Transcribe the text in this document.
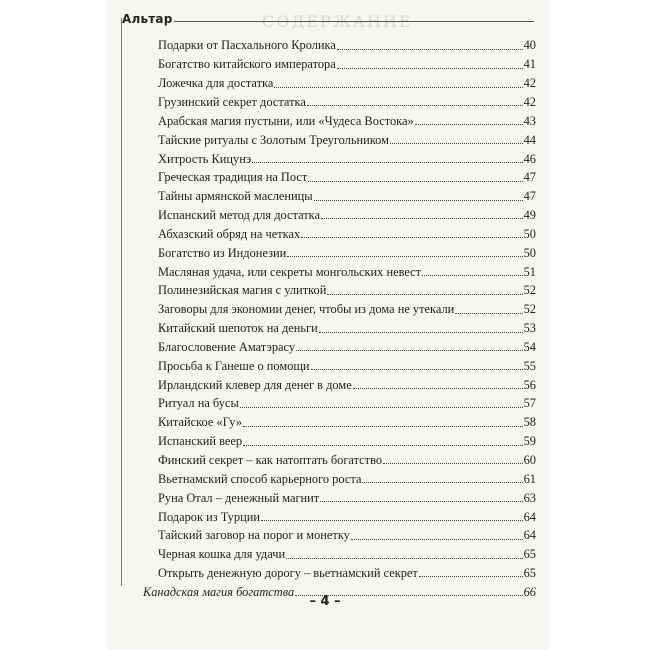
СОДЕРЖАНИЕ
Альтар
Подарки от Пасхального Кролика	40
Богатство китайского императора	41
Ложечка для достатка	42
Грузинский секрет достатка	42
Арабская магия пустыни, или «Чудеса Востока»	43
Тайские ритуалы с Золотым Треугольником	44
Хитрость Кицунэ	46
Греческая традиция на Пост	47
Тайны армянской масленицы	47
Испанский метод для достатка	49
Абхазский обряд на четках	50
Богатство из Индонезии	50
Масляная удача, или секреты монгольских невест	51
Полинезийская магия с улиткой	52
Заговоры для экономии денег, чтобы из дома не утекали	52
Китайский шепоток на деньги	53
Благословение Аматэрасу	54
Просьба к Ганеше о помощи	55
Ирландский клевер для денег в доме	56
Ритуал на бусы	57
Китайское «Гу»	58
Испанский веер	59
Финский секрет – как натоптать богатство	60
Вьетнамский способ карьерного роста	61
Руна Отал – денежный магнит	63
Подарок из Турции	64
Тайский заговор на порог и монетку	64
Черная кошка для удачи	65
Открыть денежную дорогу – вьетнамский секрет	65
Канадская магия богатства	66
– 4 –
